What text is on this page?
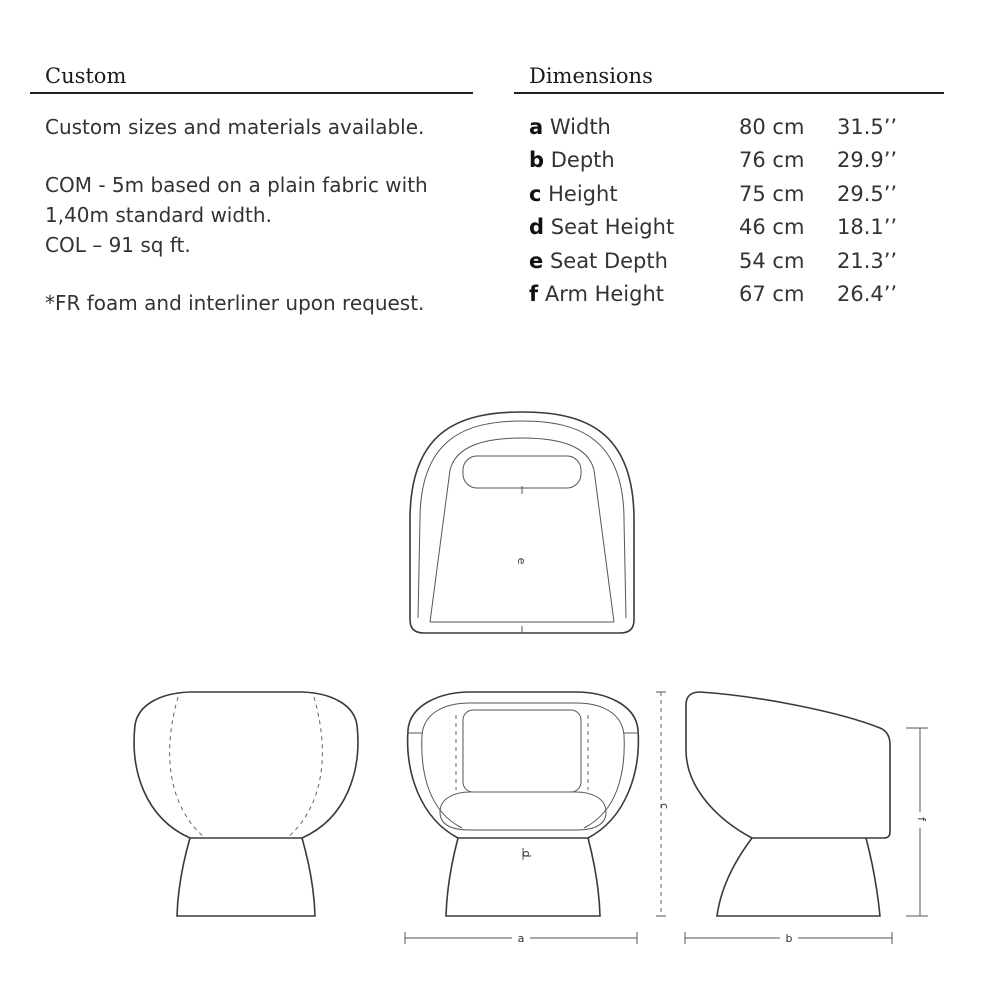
Custom

Custom sizes and materials available.

COM - 5m based on a plain fabric with

1,40m standard width.

COL – 91 sq ft.

*FR foam and interliner upon request.

Dimensions
a Width	80 cm	31.5’’
b Depth	76 cm	29.9’’
c Height	75 cm	29.5’’
d Seat Height	46 cm	18.1’’
e Seat Depth	54 cm	21.3’’
f Arm Height	67 cm	26.4’’
e
d
c
f
a	b
